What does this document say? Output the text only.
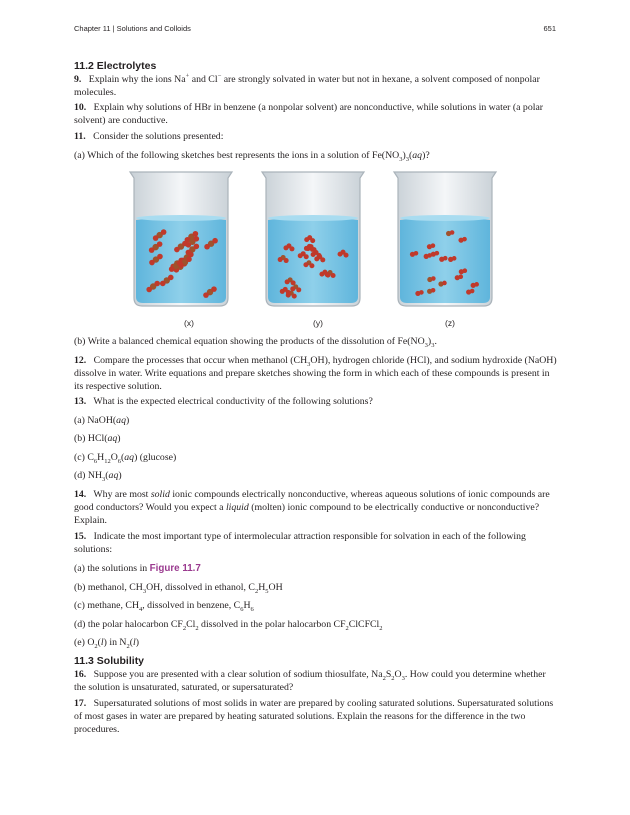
Chapter 11 | Solutions and Colloids	651
11.2 Electrolytes
9. Explain why the ions Na+ and Cl− are strongly solvated in water but not in hexane, a solvent composed of nonpolar molecules.
10. Explain why solutions of HBr in benzene (a nonpolar solvent) are nonconductive, while solutions in water (a polar solvent) are conductive.
11. Consider the solutions presented:
(a) Which of the following sketches best represents the ions in a solution of $Fe(NO_3)_3(aq)$?
(x)	(y)	(z)
(b) Write a balanced chemical equation showing the products of the dissolution of $Fe(NO_3)_3$.
12. Compare the processes that occur when methanol $(CH_3OH)$, hydrogen chloride (HCl), and sodium hydroxide (NaOH) dissolve in water. Write equations and prepare sketches showing the form in which each of these compounds is present in its respective solution.
13. What is the expected electrical conductivity of the following solutions?
(a) NaOH(aq)
(b) HCl(aq)
(c) $C_6H_{12}O_6(aq)$ (glucose)
(d) $NH_3(aq)$
14. Why are most solid ionic compounds electrically nonconductive, whereas aqueous solutions of ionic compounds are good conductors? Would you expect a liquid (molten) ionic compound to be electrically conductive or nonconductive? Explain.
15. Indicate the most important type of intermolecular attraction responsible for solvation in each of the following solutions:
(a) the solutions in Figure 11.7
(b) methanol, $CH_3OH$, dissolved in ethanol, $C_2H_5OH$
(c) methane, $CH_4$, dissolved in benzene, $C_6H_6$
(d) the polar halocarbon $CF_2Cl_2$ dissolved in the polar halocarbon $CF_2ClCFCl_2$
(e) $O_2(l)$ in $N_2(l)$
11.3 Solubility
16. Suppose you are presented with a clear solution of sodium thiosulfate, $Na_2S_2O_3$. How could you determine whether the solution is unsaturated, saturated, or supersaturated?
17. Supersaturated solutions of most solids in water are prepared by cooling saturated solutions. Supersaturated solutions of most gases in water are prepared by heating saturated solutions. Explain the reasons for the difference in the two procedures.
